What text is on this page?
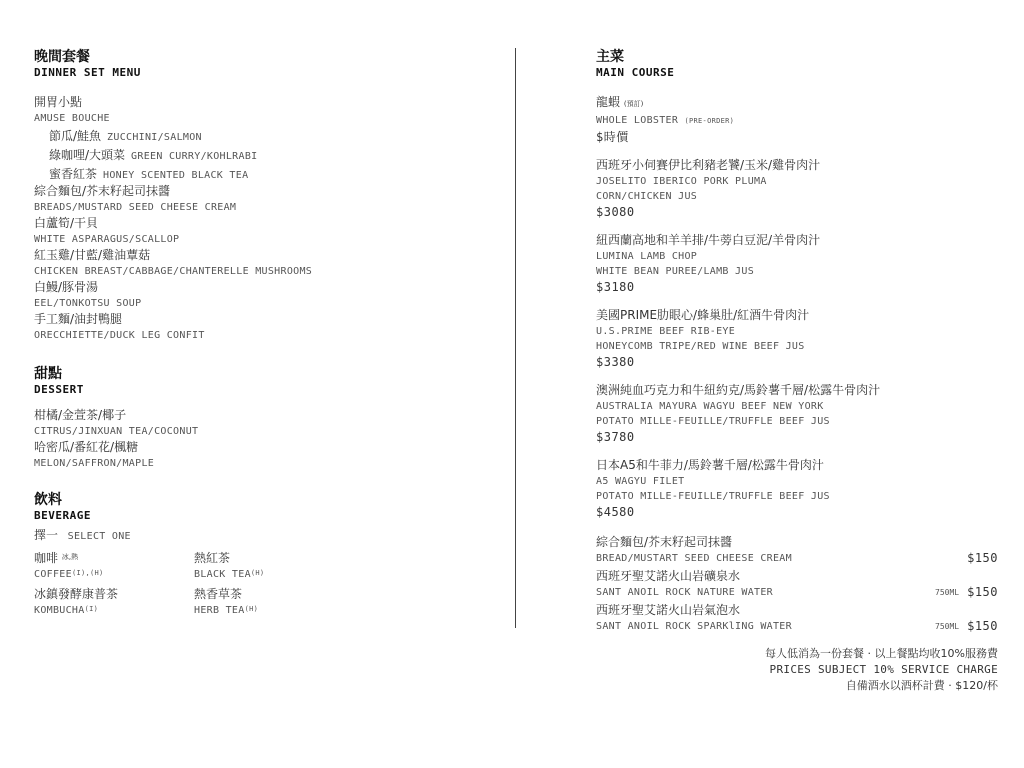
晚間套餐
DINNER SET MENU
開胃小點
AMUSE BOUCHE
節瓜/鮭魚 ZUCCHINI/SALMON
綠咖哩/大頭菜 GREEN CURRY/KOHLRABI
蜜香紅茶 HONEY SCENTED BLACK TEA
綜合麵包/芥末籽起司抹醬
BREADS/MUSTARD SEED CHEESE CREAM
白蘆筍/干貝
WHITE ASPARAGUS/SCALLOP
紅玉雞/甘藍/雞油蕈菇
CHICKEN BREAST/CABBAGE/CHANTERELLE MUSHROOMS
白鰻/豚骨湯
EEL/TONKOTSU SOUP
手工麵/油封鴨腿
ORECCHIETTE/DUCK LEG CONFIT
甜點
DESSERT
柑橘/金萱茶/椰子
CITRUS/JINXUAN TEA/COCONUT
哈密瓜/番紅花/楓糖
MELON/SAFFRON/MAPLE
飲料
BEVERAGE
擇一 SELECT ONE
咖啡 $^{冰,熱}$
$COFFEE^{(I),(H)}$
熱紅茶
BLACK $TEA^{(H)}$
冰鎮發酵康普茶
$KOMBUCHA^{(I)}$
熱香草茶
HERB $TEA^{(H)}$
主菜
MAIN COURSE
龍蝦 (預訂)
WHOLE LOBSTER (PRE-ORDER)
$時價
西班牙小伺賽伊比利豬老饕/玉米/雞骨肉汁
JOSELITO IBERICO PORK PLUMA
CORN/CHICKEN JUS
$3080
紐西蘭高地和羊羊排/牛蒡白豆泥/羊骨肉汁
LUMINA LAMB CHOP
WHITE BEAN PUREE/LAMB JUS
$3180
美國PRIME肋眼心/蜂巢肚/紅酒牛骨肉汁
U.S.PRIME BEEF RIB-EYE
HONEYCOMB TRIPE/RED WINE BEEF JUS
$3380
澳洲純血巧克力和牛紐約克/馬鈴薯千層/松露牛骨肉汁
AUSTRALIA MAYURA WAGYU BEEF NEW YORK
POTATO MILLE-FEUILLE/TRUFFLE BEEF JUS
$3780
日本A5和牛菲力/馬鈴薯千層/松露牛骨肉汁
A5 WAGYU FILET
POTATO MILLE-FEUILLE/TRUFFLE BEEF JUS
$4580
綜合麵包/芥末籽起司抹醬
BREAD/MUSTART SEED CHEESE CREAM	$150
西班牙聖艾諾火山岩礦泉水
SANT ANOIL ROCK NATURE WATER	750ML $150
西班牙聖艾諾火山岩氣泡水
SANT ANOIL ROCK SPARKlING WATER	750ML $150
每人低消為一份套餐 · 以上餐點均收10%服務費
PRICES SUBJECT 10% SERVICE CHARGE
自備酒水以酒杯計費 · $120/杯
